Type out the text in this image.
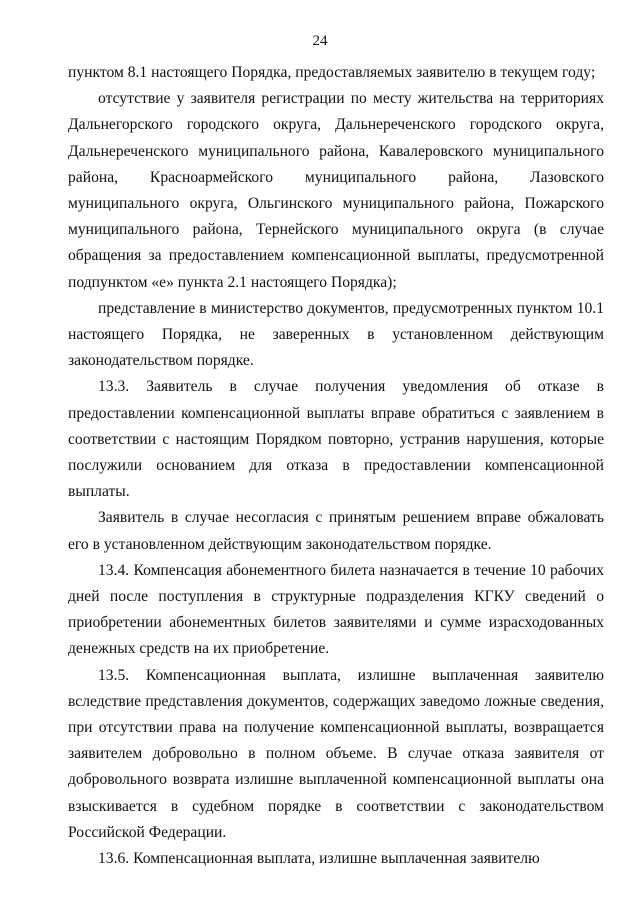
24

пунктом 8.1 настоящего Порядка, предоставляемых заявителю в текущем году;

отсутствие у заявителя регистрации по месту жительства на территориях Дальнегорского городского округа, Дальнереченского городского округа, Дальнереченского муниципального района, Кавалеровского муниципального района, Красноармейского муниципального района, Лазовского муниципального округа, Ольгинского муниципального района, Пожарского муниципального района, Тернейского муниципального округа (в случае обращения за предоставлением компенсационной выплаты, предусмотренной подпунктом «е» пункта 2.1 настоящего Порядка);

представление в министерство документов, предусмотренных пунктом 10.1 настоящего Порядка, не заверенных в установленном действующим законодательством порядке.

13.3. Заявитель в случае получения уведомления об отказе в предоставлении компенсационной выплаты вправе обратиться с заявлением в соответствии с настоящим Порядком повторно, устранив нарушения, которые послужили основанием для отказа в предоставлении компенсационной выплаты.

Заявитель в случае несогласия с принятым решением вправе обжаловать его в установленном действующим законодательством порядке.

13.4. Компенсация абонементного билета назначается в течение 10 рабочих дней после поступления в структурные подразделения КГКУ сведений о приобретении абонементных билетов заявителями и сумме израсходованных денежных средств на их приобретение.

13.5. Компенсационная выплата, излишне выплаченная заявителю вследствие представления документов, содержащих заведомо ложные сведения, при отсутствии права на получение компенсационной выплаты, возвращается заявителем добровольно в полном объеме. В случае отказа заявителя от добровольного возврата излишне выплаченной компенсационной выплаты она взыскивается в судебном порядке в соответствии с законодательством Российской Федерации.

13.6. Компенсационная выплата, излишне выплаченная заявителю
